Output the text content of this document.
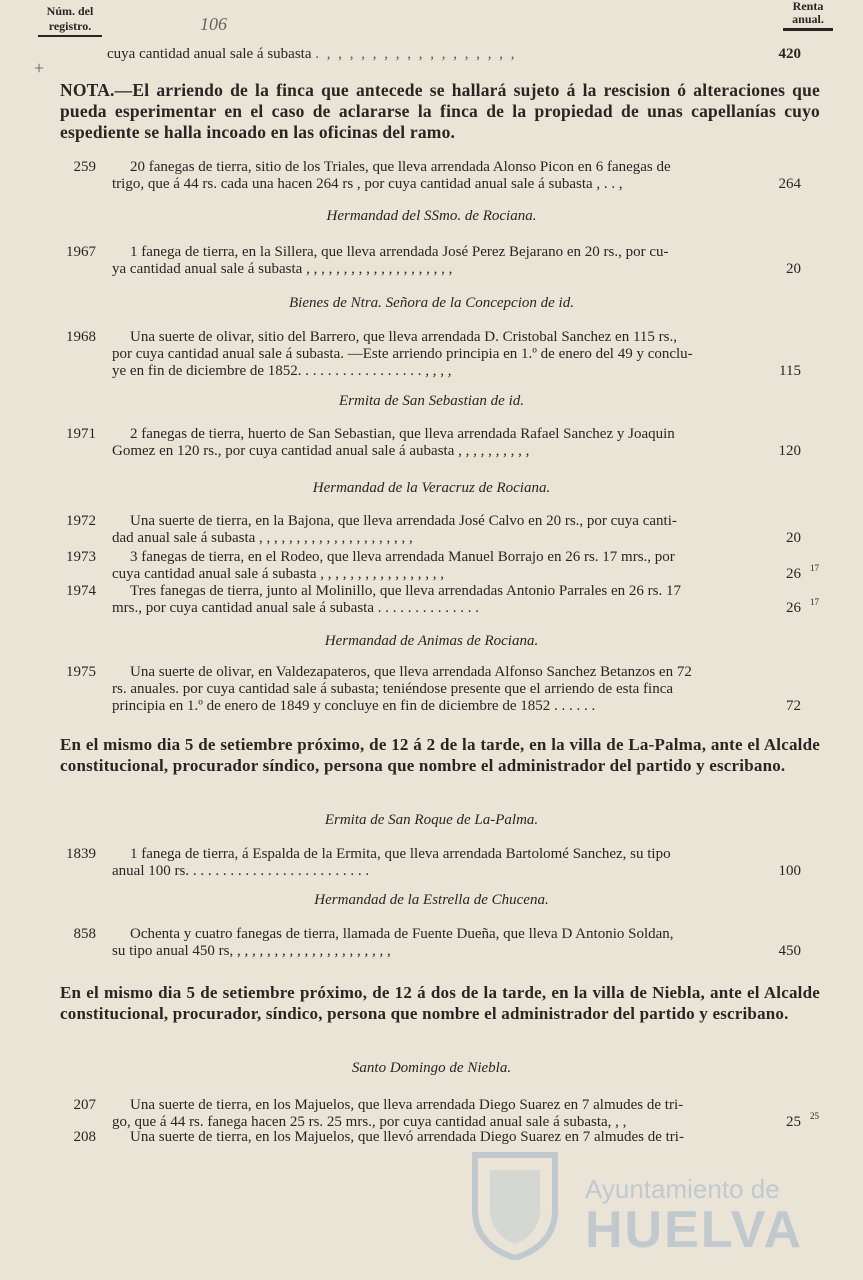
Núm. del
registro.	106
Renta
anual.
+
cuya cantidad anual sale á subasta . , , , , , , , , , , , , , , , , ,	420
NOTA.—El arriendo de la finca que antecede se hallará sujeto á la rescision ó alteraciones que pueda esperimentar en el caso de aclararse la finca de la propiedad de unas capellanías cuyo espediente se halla incoado en las oficinas del ramo.
259 20 fanegas de tierra, sitio de los Triales, que lleva arrendada Alonso Picon en 6 fanegas de
trigo, que á 44 rs. cada una hacen 264 rs , por cuya cantidad anual sale á subasta , . . ,	264
Hermandad del SSmo. de Rociana.
1967 1 fanega de tierra, en la Sillera, que lleva arrendada José Perez Bejarano en 20 rs., por cu-
ya cantidad anual sale á subasta , , , , , , , , , , , , , , , , , , , ,	20
Bienes de Ntra. Señora de la Concepcion de id.
1968 Una suerte de olivar, sitio del Barrero, que lleva arrendada D. Cristobal Sanchez en 115 rs.,
por cuya cantidad anual sale á subasta. —Este arriendo principia en 1.º de enero del 49 y conclu-
ye en fin de diciembre de 1852. . . . . . . . . . . . . . . . . , , , ,	115
Ermita de San Sebastian de id.
1971 2 fanegas de tierra, huerto de San Sebastian, que lleva arrendada Rafael Sanchez y Joaquin
Gomez en 120 rs., por cuya cantidad anual sale á aubasta , , , , , , , , , ,	120
Hermandad de la Veracruz de Rociana.
1972 Una suerte de tierra, en la Bajona, que lleva arrendada José Calvo en 20 rs., por cuya canti-
dad anual sale á subasta , , , , , , , , , , , , , , , , , , , , ,	20
1973 3 fanegas de tierra, en el Rodeo, que lleva arrendada Manuel Borrajo en 26 rs. 17 mrs., por
cuya cantidad anual sale á subasta , , , , , , , , , , , , , , , , ,	26 17
1974 Tres fanegas de tierra, junto al Molinillo, que lleva arrendadas Antonio Parrales en 26 rs. 17
mrs., por cuya cantidad anual sale á subasta . . . . . . . . . . . . . .	26 17
Hermandad de Animas de Rociana.
1975 Una suerte de olivar, en Valdezapateros, que lleva arrendada Alfonso Sanchez Betanzos en 72
rs. anuales. por cuya cantidad sale á subasta; teniéndose presente que el arriendo de esta finca
principia en 1.º de enero de 1849 y concluye en fin de diciembre de 1852 . . . . . .	72
En el mismo dia 5 de setiembre próximo, de 12 á 2 de la tarde, en la villa de La-Palma, ante el Alcalde constitucional, procurador síndico, persona que nombre el administrador del partido y escribano.
Ermita de San Roque de La-Palma.
1839 1 fanega de tierra, á Espalda de la Ermita, que lleva arrendada Bartolomé Sanchez, su tipo
anual 100 rs. . . . . . . . . . . . . . . . . . . . . . . . .	100
Hermandad de la Estrella de Chucena.
858 Ochenta y cuatro fanegas de tierra, llamada de Fuente Dueña, que lleva D Antonio Soldan,
su tipo anual 450 rs, , , , , , , , , , , , , , , , , , , , , ,	450
En el mismo dia 5 de setiembre próximo, de 12 á dos de la tarde, en la villa de Niebla, ante el Alcalde constitucional, procurador, síndico, persona que nombre el administrador del partido y escribano.
Santo Domingo de Niebla.
207 Una suerte de tierra, en los Majuelos, que lleva arrendada Diego Suarez en 7 almudes de tri-
go, que á 44 rs. fanega hacen 25 rs. 25 mrs., por cuya cantidad anual sale á subasta, , ,	25 25
208 Una suerte de tierra, en los Majuelos, que llevó arrendada Diego Suarez en 7 almudes de tri-
Ayuntamiento de
HUELVA
